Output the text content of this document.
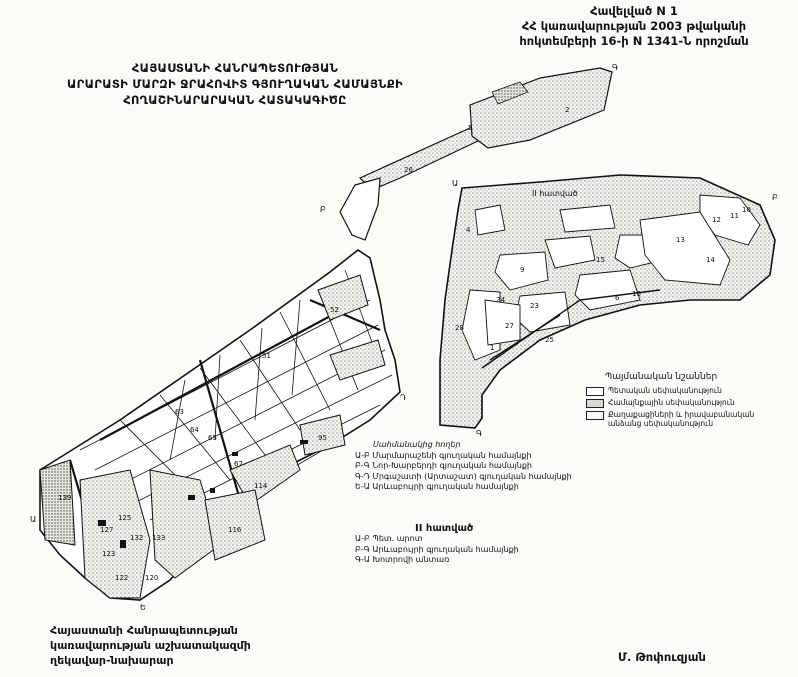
Հավելված N 1
ՀՀ կառավարության 2003 թվականի
հոկտեմբերի 16-ի N 1341-Ն որոշման
ՀԱՅԱՍՏԱՆԻ ՀԱՆՐԱՊԵՏՈՒԹՅԱՆ
ԱՐԱՐԱՏԻ ՄԱՐԶԻ ՋՐԱՀՈՎԻՏ ԳՅՈՒՂԱԿԱՆ ՀԱՄԱՅՆՔԻ
ՀՈՂԱՇԻՆԱՐԱՐԱԿԱՆ ՀԱՏԱԿԱԳԻԾԸ
Գ
Բ
Դ
Ե
Ա
Ա
Բ
Գ
II հատված
1
2
4
5
6
9
10
11
12
13
14
15
16
23
24
25
26
27
28
51
52
63
64
65
67
95
114
116
120
122
123
125
127
132 133
139
Պայմանական նշաններ
Պետական սեփականություն
Համայնքային սեփականություն
Քաղաքացիների և իրավաբանական անձանց սեփականություն
Սահմանակից հողեր
Ա-Բ Մարմարաշենի գյուղական համայնքի
Բ-Գ Նոր-Խարբերդի գյուղական համայնքի
Գ-Դ Մրգաշատի (Արտաշատ) գյուղական համայնքի
Ե-Ա Արևաբույրի գյուղական համայնքի
II հատված
Ա-Բ Պետ. արոտ
Բ-Գ Արևաբույրի գյուղական համայնքի
Գ-Ա Խոտրովի անտառ
Հայաստանի Հանրապետության
կառավարության աշխատակազմի
ղեկավար-նախարար	Մ. Թոփուզյան
